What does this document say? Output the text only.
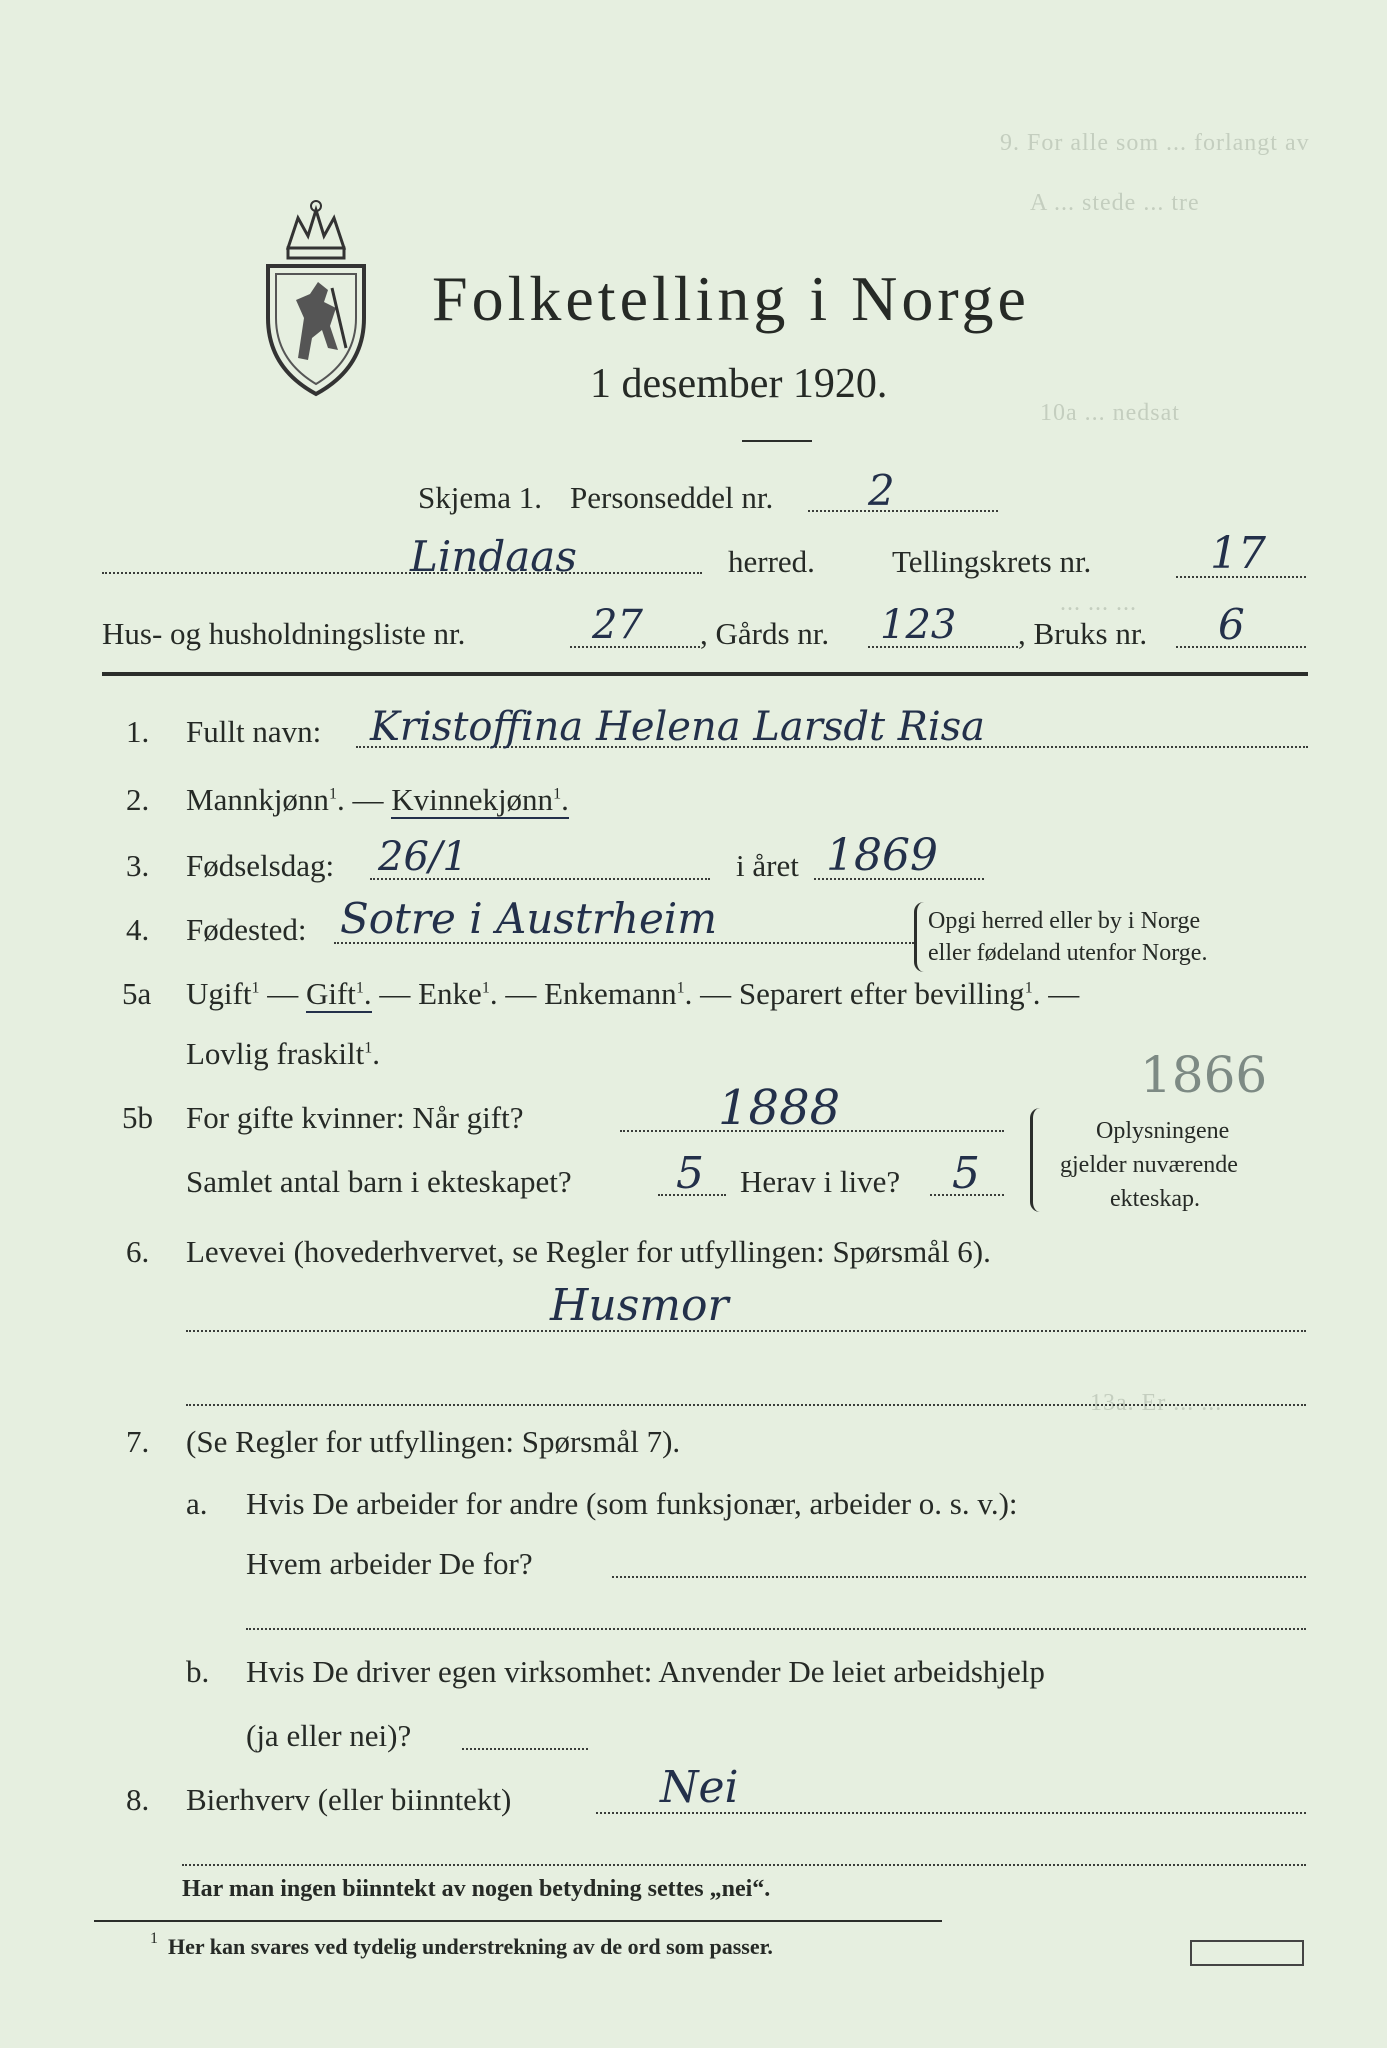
9. For alle som ... forlangt av
A ... stede ... tre
10a ... nedsat
... ... ...
13a. Er ... ...
Folketelling i Norge
1 desember 1920.
Skjema 1. Personseddel nr. 2
Lindaas	herred. Tellingskrets nr.	17
Hus- og husholdningsliste nr.	27 , Gårds nr. 123 , Bruks nr. 6
1. Fullt navn: Kristoffina Helena Larsdt Risa
2. Mannkjønn$^1$. — Kvinnekjønn$^1$.
3. Fødselsdag: 26/1	i året 1869
4. Fødested: Sotre i Austrheim	Opgi herred eller by i Norge
eller fødeland utenfor Norge.
5a Ugift$^1$ — Gift$^1$. — Enke$^1$. — Enkemann$^1$. — Separert efter bevilling$^1$. —
Lovlig fraskilt$^1$.	1866
5b For gifte kvinner: Når gift?	1888
Samlet antal barn i ekteskapet? 5 Herav i live? 5
Oplysningene
gjelder nuværende
ekteskap.
6. Levevei (hovederhvervet, se Regler for utfyllingen: Spørsmål 6).
Husmor
7. (Se Regler for utfyllingen: Spørsmål 7).
a. Hvis De arbeider for andre (som funksjonær, arbeider o. s. v.):
Hvem arbeider De for?
b. Hvis De driver egen virksomhet: Anvender De leiet arbeidshjelp
(ja eller nei)?
8. Bierhverv (eller biinntekt)	Nei
Har man ingen biinntekt av nogen betydning settes „nei“.
1 Her kan svares ved tydelig understrekning av de ord som passer.
